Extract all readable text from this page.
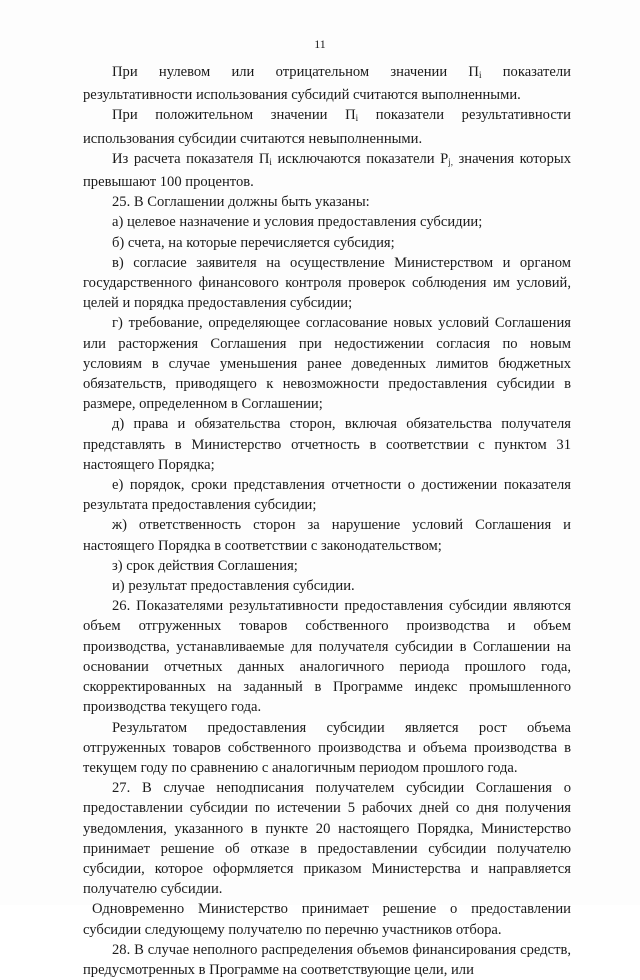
11

При нулевом или отрицательном значении $П_i$ показатели результативности использования субсидий считаются выполненными.

При положительном значении $П_i$ показатели результативности использования субсидии считаются невыполненными.

Из расчета показателя $П_i$ исключаются показатели $P_{j,}$ значения которых превышают 100 процентов.

25. В Соглашении должны быть указаны:

а) целевое назначение и условия предоставления субсидии;

б) счета, на которые перечисляется субсидия;

в) согласие заявителя на осуществление Министерством и органом государственного финансового контроля проверок соблюдения им условий, целей и порядка предоставления субсидии;

г) требование, определяющее согласование новых условий Соглашения или расторжения Соглашения при недостижении согласия по новым условиям в случае уменьшения ранее доведенных лимитов бюджетных обязательств, приводящего к невозможности предоставления субсидии в размере, определенном в Соглашении;

д) права и обязательства сторон, включая обязательства получателя представлять в Министерство отчетность в соответствии с пунктом 31 настоящего Порядка;

е) порядок, сроки представления отчетности о достижении показателя результата предоставления субсидии;

ж) ответственность сторон за нарушение условий Соглашения и настоящего Порядка в соответствии с законодательством;

з) срок действия Соглашения;

и) результат предоставления субсидии.

26. Показателями результативности предоставления субсидии являются объем отгруженных товаров собственного производства и объем производства, устанавливаемые для получателя субсидии в Соглашении на основании отчетных данных аналогичного периода прошлого года, скорректированных на заданный в Программе индекс промышленного производства текущего года.

Результатом предоставления субсидии является рост объема отгруженных товаров собственного производства и объема производства в текущем году по сравнению с аналогичным периодом прошлого года.

27. В случае неподписания получателем субсидии Соглашения о предоставлении субсидии по истечении 5 рабочих дней со дня получения уведомления, указанного в пункте 20 настоящего Порядка, Министерство принимает решение об отказе в предоставлении субсидии получателю субсидии, которое оформляется приказом Министерства и направляется получателю субсидии.

Одновременно Министерство принимает решение о предоставлении субсидии следующему получателю по перечню участников отбора.

28. В случае неполного распределения объемов финансирования средств, предусмотренных в Программе на соответствующие цели, или
